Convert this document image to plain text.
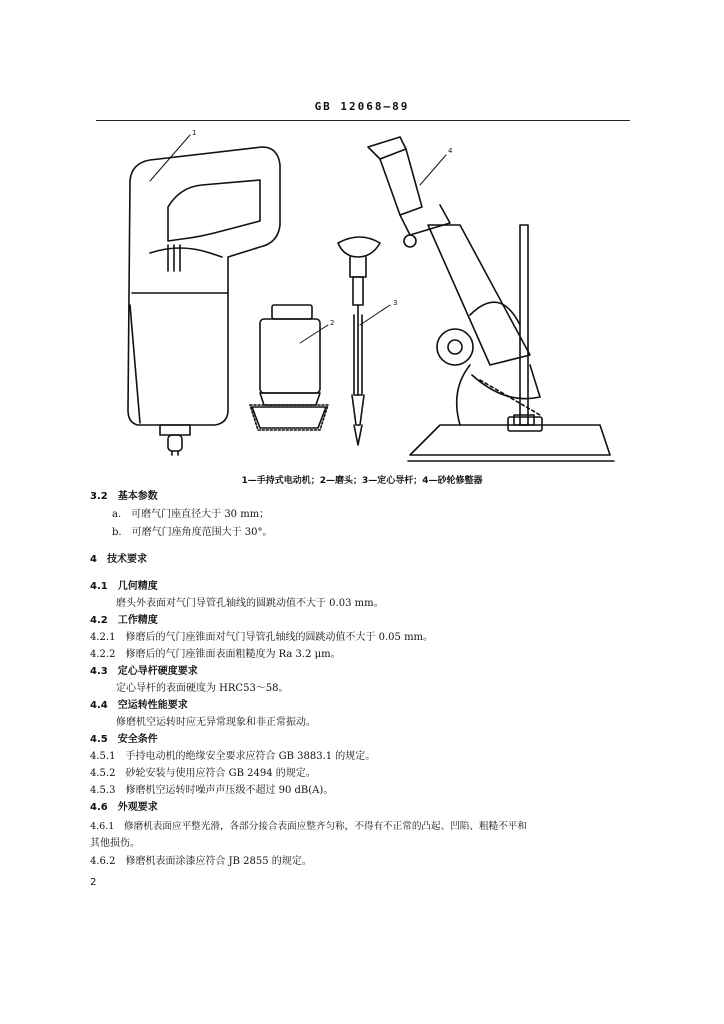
GB 12068—89
1
2
3
4
1—手持式电动机；2—磨头；3—定心导杆；4—砂轮修整器
3.2　基本参数
a.　可磨气门座直径大于 30 mm；
b.　可磨气门座角度范围大于 30°。
4　技术要求
4.1　几何精度
磨头外表面对气门导管孔轴线的圆跳动值不大于 0.03 mm。
4.2　工作精度
4.2.1　修磨后的气门座锥面对气门导管孔轴线的圆跳动值不大于 0.05 mm。
4.2.2　修磨后的气门座锥面表面粗糙度为 Ra 3.2 μm。
4.3　定心导杆硬度要求
定心导杆的表面硬度为 HRC53～58。
4.4　空运转性能要求
修磨机空运转时应无异常现象和非正常振动。
4.5　安全条件
4.5.1　手持电动机的绝缘安全要求应符合 GB 3883.1 的规定。
4.5.2　砂轮安装与使用应符合 GB 2494 的规定。
4.5.3　修磨机空运转时噪声声压级不超过 90 dB(A)。
4.6　外观要求
4.6.1　修磨机表面应平整光滑，各部分接合表面应整齐匀称，不得有不正常的凸起、凹陷、粗糙不平和
其他损伤。
4.6.2　修磨机表面涂漆应符合 JB 2855 的规定。
2
